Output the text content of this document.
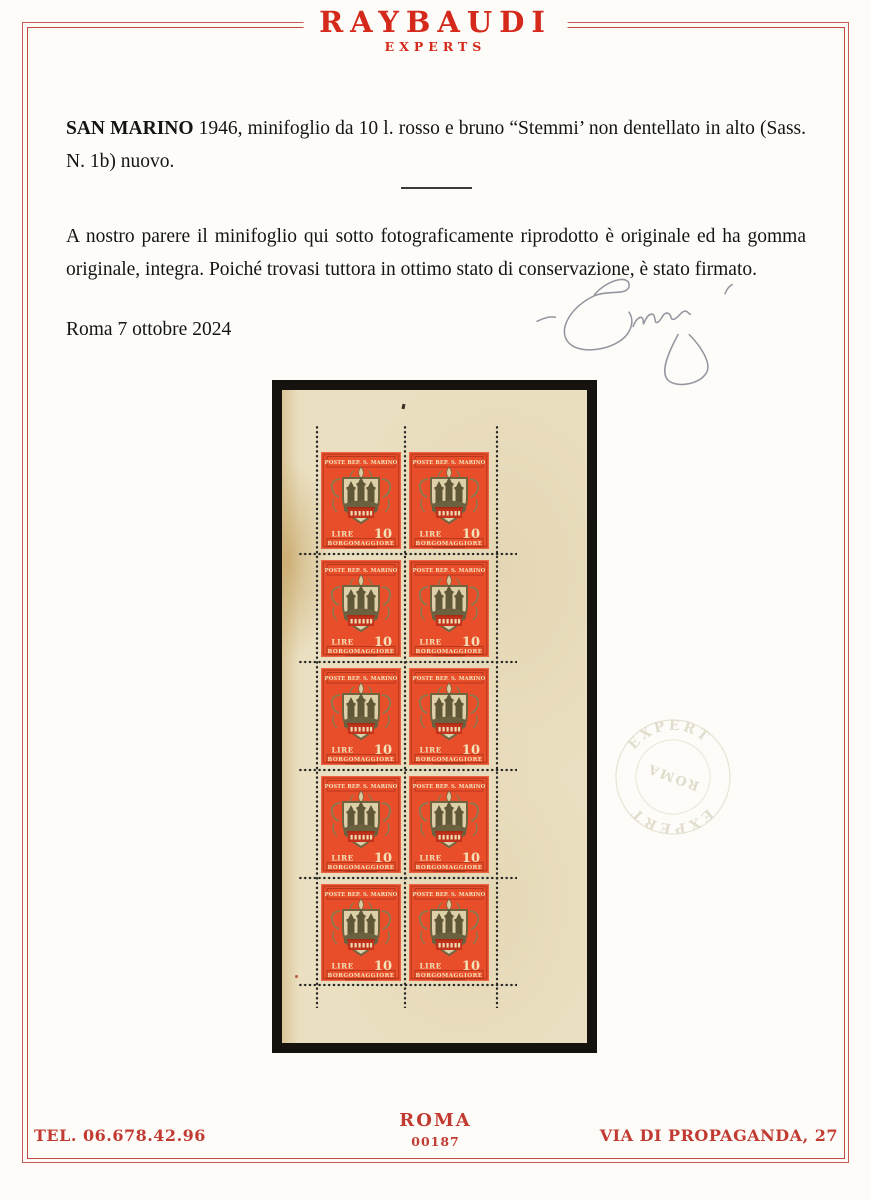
RAYBAUDI
EXPERTS
SAN MARINO 1946, minifoglio da 10 l. rosso e bruno “Stemmi’ non dentellato in alto (Sass. N. 1b) nuovo.
A nostro parere il minifoglio qui sotto fotograficamente riprodotto è originale ed ha gomma originale, integra. Poiché trovasi tuttora in ottimo stato di conservazione, è stato firmato.
Roma 7 ottobre 2024
POSTE REP. S. MARINO
LIRE 10
BORGOMAGGIORE
POSTE REP. S. MARINO
LIRE 10
BORGOMAGGIORE
POSTE REP. S. MARINO
LIRE 10
BORGOMAGGIORE
POSTE REP. S. MARINO
LIRE 10
BORGOMAGGIORE
POSTE REP. S. MARINO
LIRE 10
BORGOMAGGIORE
POSTE REP. S. MARINO
LIRE 10
BORGOMAGGIORE
POSTE REP. S. MARINO
LIRE 10
BORGOMAGGIORE
POSTE REP. S. MARINO
LIRE 10
BORGOMAGGIORE
POSTE REP. S. MARINO
LIRE 10
BORGOMAGGIORE
POSTE REP. S. MARINO
LIRE 10
BORGOMAGGIORE
EXPERT
EXPERT
ROMA
TEL. 06.678.42.96
ROMA
00187	VIA DI PROPAGANDA, 27
